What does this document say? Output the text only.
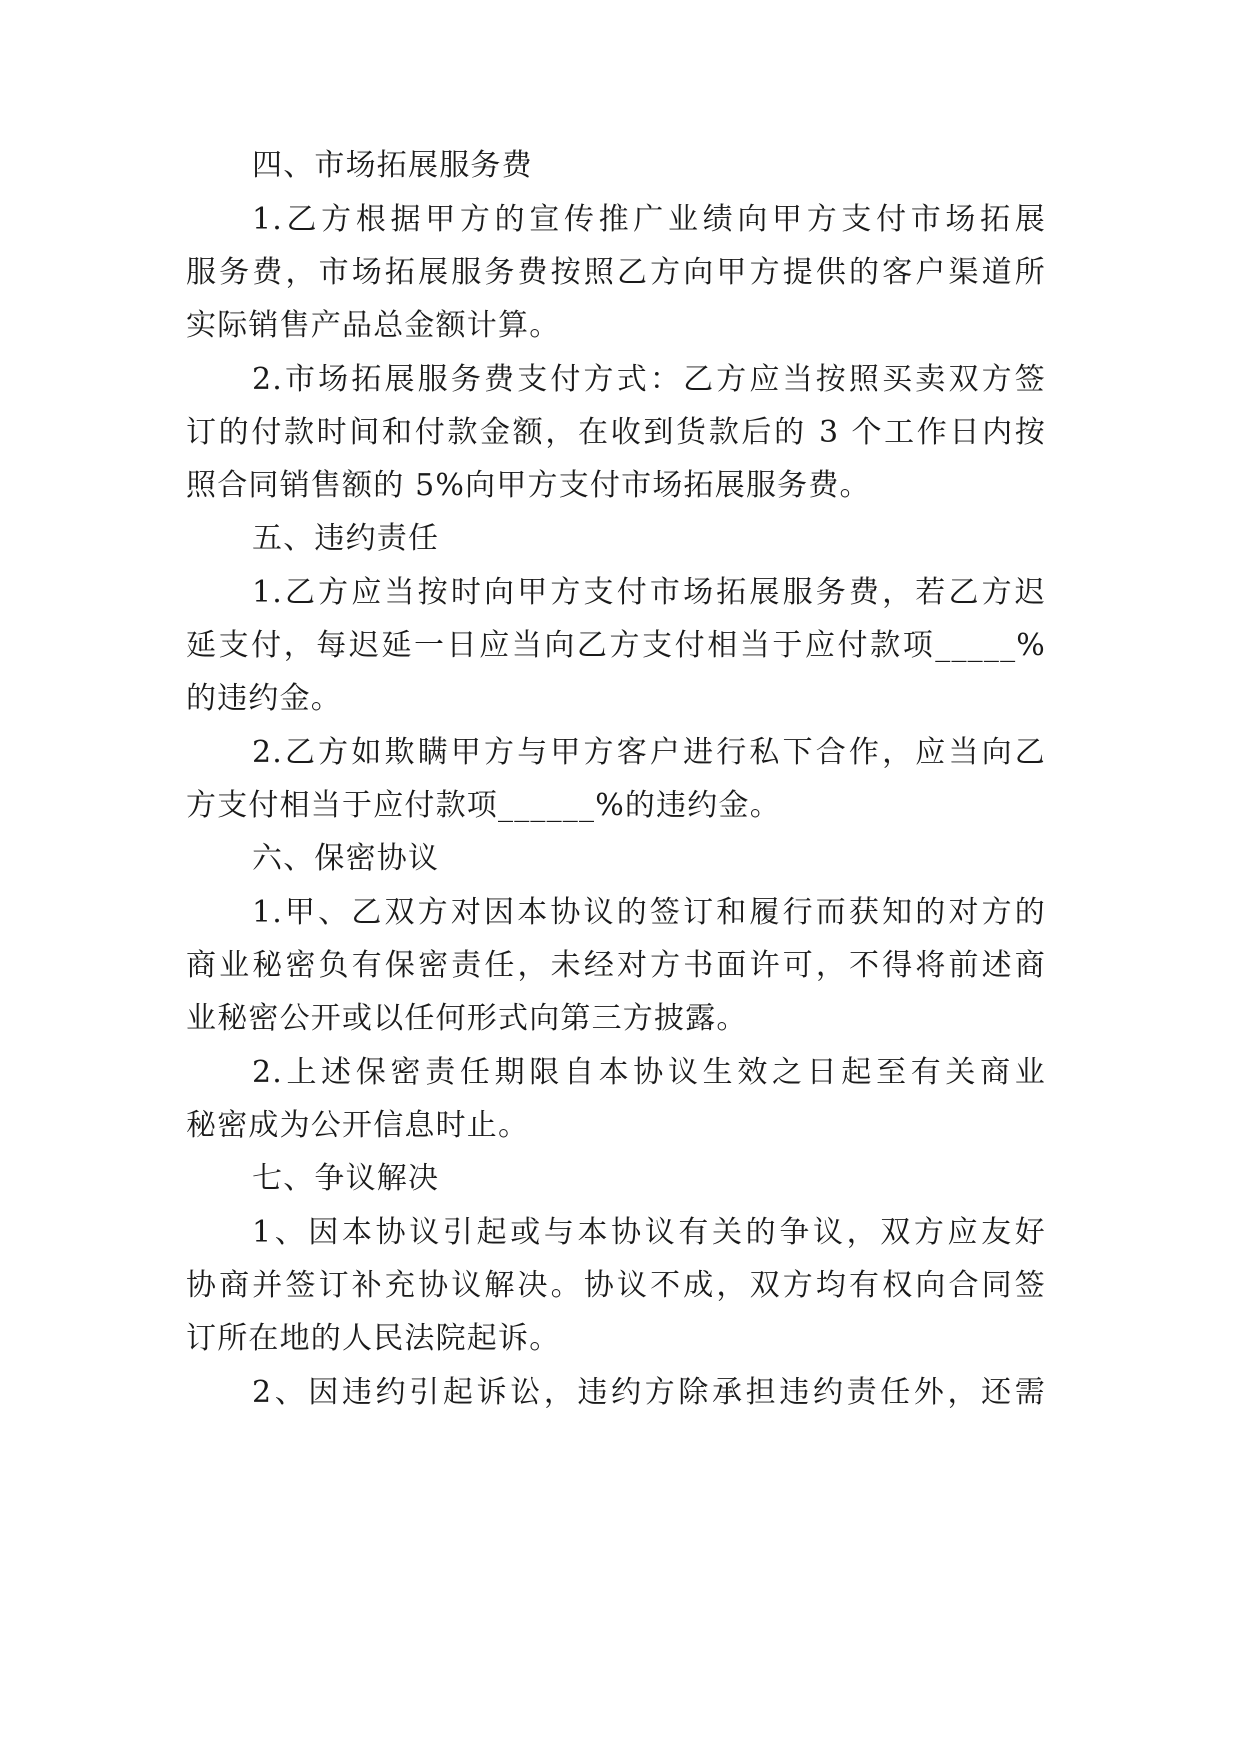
四、市场拓展服务费
1.乙方根据甲方的宣传推广业绩向甲方支付市场拓展
服务费，市场拓展服务费按照乙方向甲方提供的客户渠道所
实际销售产品总金额计算。
2.市场拓展服务费支付方式：乙方应当按照买卖双方签
订的付款时间和付款金额，在收到货款后的 3 个工作日内按
照合同销售额的 5%向甲方支付市场拓展服务费。
五、违约责任
1.乙方应当按时向甲方支付市场拓展服务费，若乙方迟
延支付，每迟延一日应当向乙方支付相当于应付款项_____%
的违约金。
2.乙方如欺瞒甲方与甲方客户进行私下合作，应当向乙
方支付相当于应付款项______%的违约金。
六、保密协议
1.甲、乙双方对因本协议的签订和履行而获知的对方的
商业秘密负有保密责任，未经对方书面许可，不得将前述商
业秘密公开或以任何形式向第三方披露。
2.上述保密责任期限自本协议生效之日起至有关商业
秘密成为公开信息时止。
七、争议解决
1、因本协议引起或与本协议有关的争议，双方应友好
协商并签订补充协议解决。协议不成，双方均有权向合同签
订所在地的人民法院起诉。
2、因违约引起诉讼，违约方除承担违约责任外，还需
